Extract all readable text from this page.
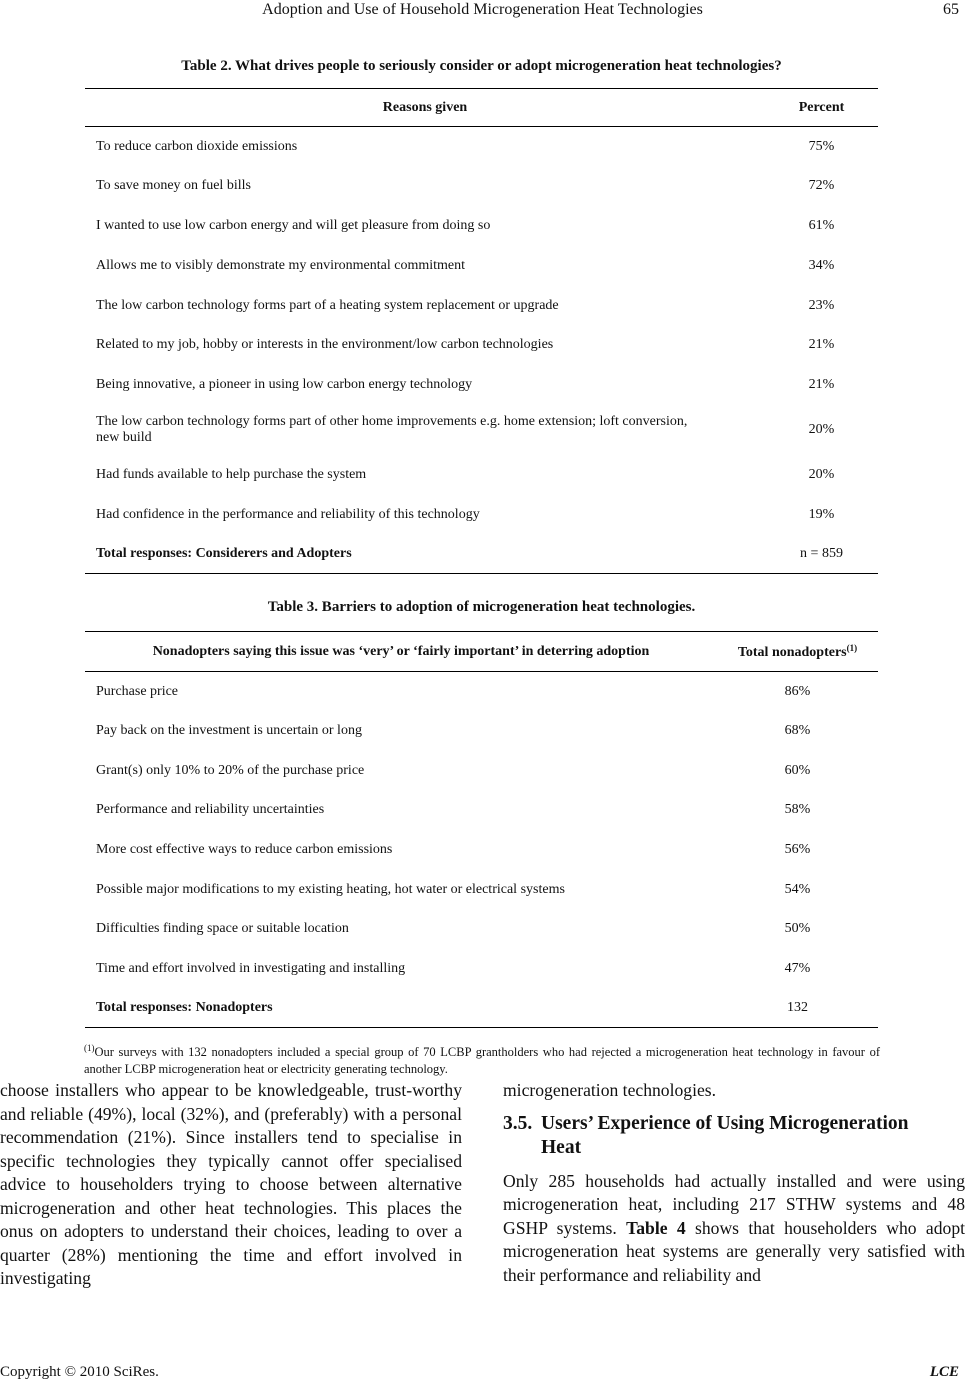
Adoption and Use of Household Microgeneration Heat Technologies	65
Table 2. What drives people to seriously consider or adopt microgeneration heat technologies?
Reasons given	Percent
To reduce carbon dioxide emissions	75%
To save money on fuel bills	72%
I wanted to use low carbon energy and will get pleasure from doing so	61%
Allows me to visibly demonstrate my environmental commitment	34%
The low carbon technology forms part of a heating system replacement or upgrade	23%
Related to my job, hobby or interests in the environment/low carbon technologies	21%
Being innovative, a pioneer in using low carbon energy technology	21%
The low carbon technology forms part of other home improvements e.g. home extension; loft conversion, new build	20%
Had funds available to help purchase the system	20%
Had confidence in the performance and reliability of this technology	19%
Total responses: Considerers and Adopters	n = 859
Table 3. Barriers to adoption of microgeneration heat technologies.
Nonadopters saying this issue was ‘very’ or ‘fairly important’ in deterring adoption	Total nonadopters$^{(1)}$
Purchase price	86%
Pay back on the investment is uncertain or long	68%
Grant(s) only 10% to 20% of the purchase price	60%
Performance and reliability uncertainties	58%
More cost effective ways to reduce carbon emissions	56%
Possible major modifications to my existing heating, hot water or electrical systems	54%
Difficulties finding space or suitable location	50%
Time and effort involved in investigating and installing	47%
Total responses: Nonadopters	132
$^{(1)}$Our surveys with 132 nonadopters included a special group of 70 LCBP grantholders who had rejected a microgeneration heat technology in favour of another LCBP microgeneration heat or electricity generating technology.

choose installers who appear to be knowledgeable, trust-worthy and reliable (49%), local (32%), and (preferably) with a personal recommendation (21%). Since installers tend to specialise in specific technologies they typically cannot offer specialised advice to householders trying to choose between alternative microgeneration and other heat technologies. This places the onus on adopters to understand their choices, leading to over a quarter (28%) mentioning the time and effort involved in investigating

microgeneration technologies.

3.5. Users’ Experience of Using Microgeneration
Heat

Only 285 households had actually installed and were using microgeneration heat, including 217 STHW systems and 48 GSHP systems. Table 4 shows that householders who adopt microgeneration heat systems are generally very satisfied with their performance and reliability and

Copyright © 2010 SciRes.	LCE
